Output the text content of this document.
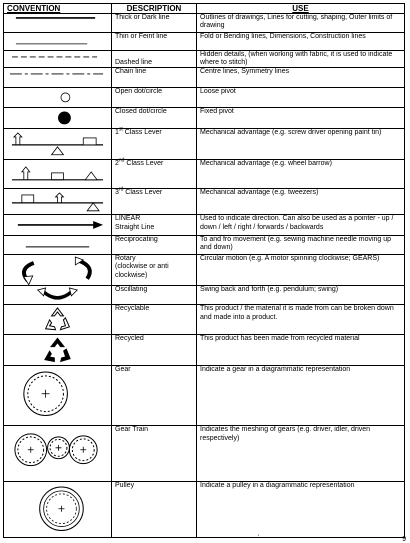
CONVENTION	DESCRIPTION	USE

	Thick or Dark line	Outlines of drawings, Lines for cutting, shaping, Outer limits of drawing

	Thin or Feint line	Fold or Bending lines, Dimensions, Construction lines

	Dashed line	Hidden details, (when working with fabric, it is used to indicate where to stitch)

	Chain line	Centre lines, Symmetry lines

	Open dot/circle	Loose pivot

	Closed dot/circle	Fixed pivot

	1st Class Lever	Mechanical advantage (e.g. screw driver opening paint tin)

	2nd Class Lever	Mechanical advantage (e.g. wheel barrow)

	3rd Class Lever	Mechanical advantage (e.g. tweezers)

LINEAR
Straight Line	Used to indicate direction. Can also be used as a pointer - up / down / left / right / forwards / backwards

	Reciprocating	To and fro movement (e.g. sewing machine needle moving up and down)

Rotary
(clockwise or anti
clockwise)	Circular motion (e.g. A motor spinning clockwise; GEARS)

	Oscillating	Swing back and forth (e.g. pendulum; swing)

	Recyclable	This product / the material it is made from can be broken down and made into a product.

	Recycled	This product has been made from recycled material

	Gear	Indicate a gear in a diagrammatic representation

	Gear Train	Indicates the meshing of gears (e.g. driver, idler, driven respectively)

	Pulley	Indicate a pulley in a diagrammatic representation
'	9
